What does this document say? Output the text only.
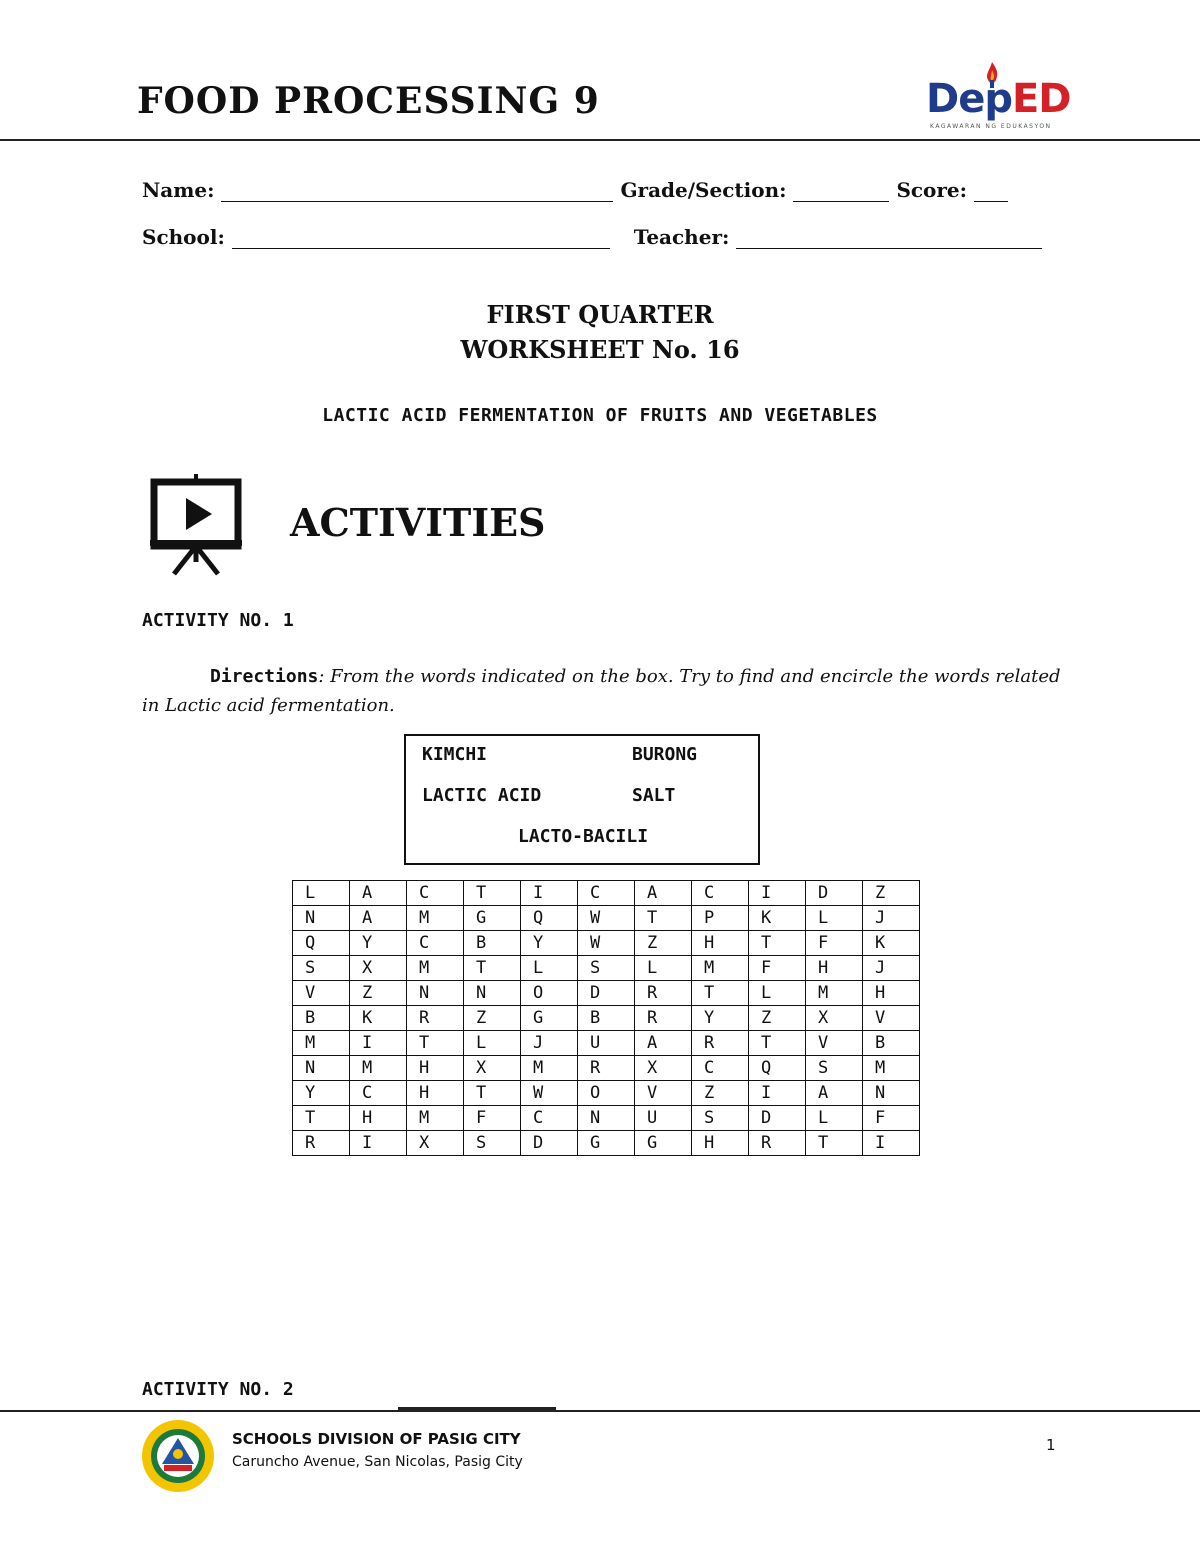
FOOD PROCESSING 9	DepED
KAGAWARAN NG EDUKASYON
Name:	Grade/Section:	Score:
School:	Teacher:
FIRST QUARTER
WORKSHEET No. 16
LACTIC ACID FERMENTATION OF FRUITS AND VEGETABLES
ACTIVITIES
ACTIVITY NO. 1
Directions: From the words indicated on the box. Try to find and encircle the words related in Lactic acid fermentation.
KIMCHI	BURONG
LACTIC ACID	SALT
LACTO-BACILI
L	A	C	T	I	C	A	C	I	D	Z
N	A	M	G	Q	W	T	P	K	L	J
Q	Y	C	B	Y	W	Z	H	T	F	K
S	X	M	T	L	S	L	M	F	H	J
V	Z	N	N	O	D	R	T	L	M	H
B	K	R	Z	G	B	R	Y	Z	X	V
M	I	T	L	J	U	A	R	T	V	B
N	M	H	X	M	R	X	C	Q	S	M
Y	C	H	T	W	O	V	Z	I	A	N
T	H	M	F	C	N	U	S	D	L	F
R	I	X	S	D	G	G	H	R	T	I
ACTIVITY NO. 2
SCHOOLS DIVISION OF PASIG CITY
Caruncho Avenue, San Nicolas, Pasig City
1
